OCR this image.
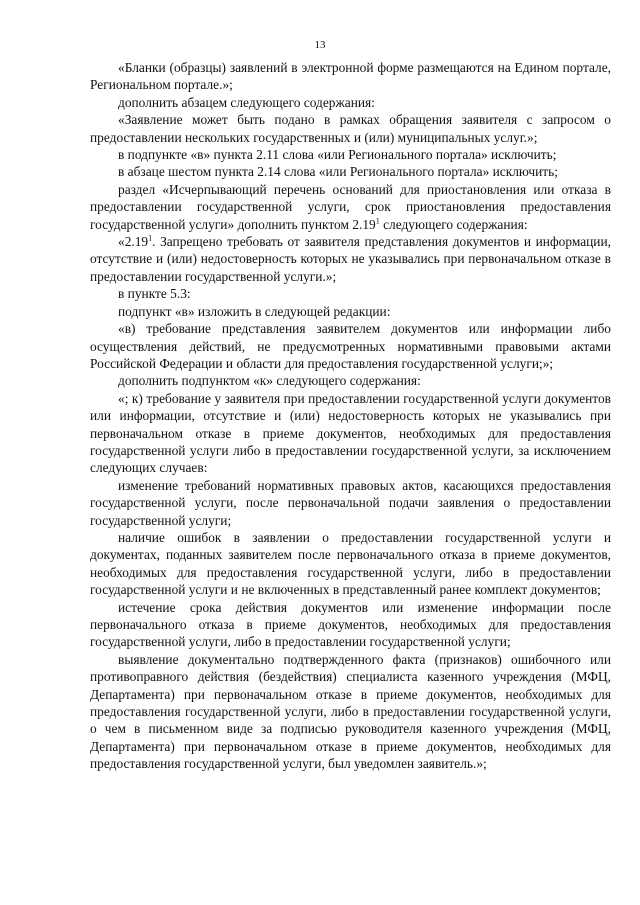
13

«Бланки (образцы) заявлений в электронной форме размещаются на Едином портале, Региональном портале.»;

дополнить абзацем следующего содержания:

«Заявление может быть подано в рамках обращения заявителя с запросом о предоставлении нескольких государственных и (или) муниципальных услуг.»;

в подпункте «в» пункта 2.11 слова «или Регионального портала» исключить;

в абзаце шестом пункта 2.14 слова «или Регионального портала» исключить;

раздел «Исчерпывающий перечень оснований для приостановления или отказа в предоставлении государственной услуги, срок приостановления предоставления государственной услуги» дополнить пунктом 2.19$^1$ следующего содержания:

«2.19$^1$. Запрещено требовать от заявителя представления документов и информации, отсутствие и (или) недостоверность которых не указывались при первоначальном отказе в предоставлении государственной услуги.»;

в пункте 5.3:

подпункт «в» изложить в следующей редакции:

«в) требование представления заявителем документов или информации либо осуществления действий, не предусмотренных нормативными правовыми актами Российской Федерации и области для предоставления государственной услуги;»;

дополнить подпунктом «к» следующего содержания:

«; к) требование у заявителя при предоставлении государственной услуги документов или информации, отсутствие и (или) недостоверность которых не указывались при первоначальном отказе в приеме документов, необходимых для предоставления государственной услуги либо в предоставлении государственной услуги, за исключением следующих случаев:

изменение требований нормативных правовых актов, касающихся предоставления государственной услуги, после первоначальной подачи заявления о предоставлении государственной услуги;

наличие ошибок в заявлении о предоставлении государственной услуги и документах, поданных заявителем после первоначального отказа в приеме документов, необходимых для предоставления государственной услуги, либо в предоставлении государственной услуги и не включенных в представленный ранее комплект документов;

истечение срока действия документов или изменение информации после первоначального отказа в приеме документов, необходимых для предоставления государственной услуги, либо в предоставлении государственной услуги;

выявление документально подтвержденного факта (признаков) ошибочного или противоправного действия (бездействия) специалиста казенного учреждения (МФЦ, Департамента) при первоначальном отказе в приеме документов, необходимых для предоставления государственной услуги, либо в предоставлении государственной услуги, о чем в письменном виде за подписью руководителя казенного учреждения (МФЦ, Департамента) при первоначальном отказе в приеме документов, необходимых для предоставления государственной услуги, был уведомлен заявитель.»;
